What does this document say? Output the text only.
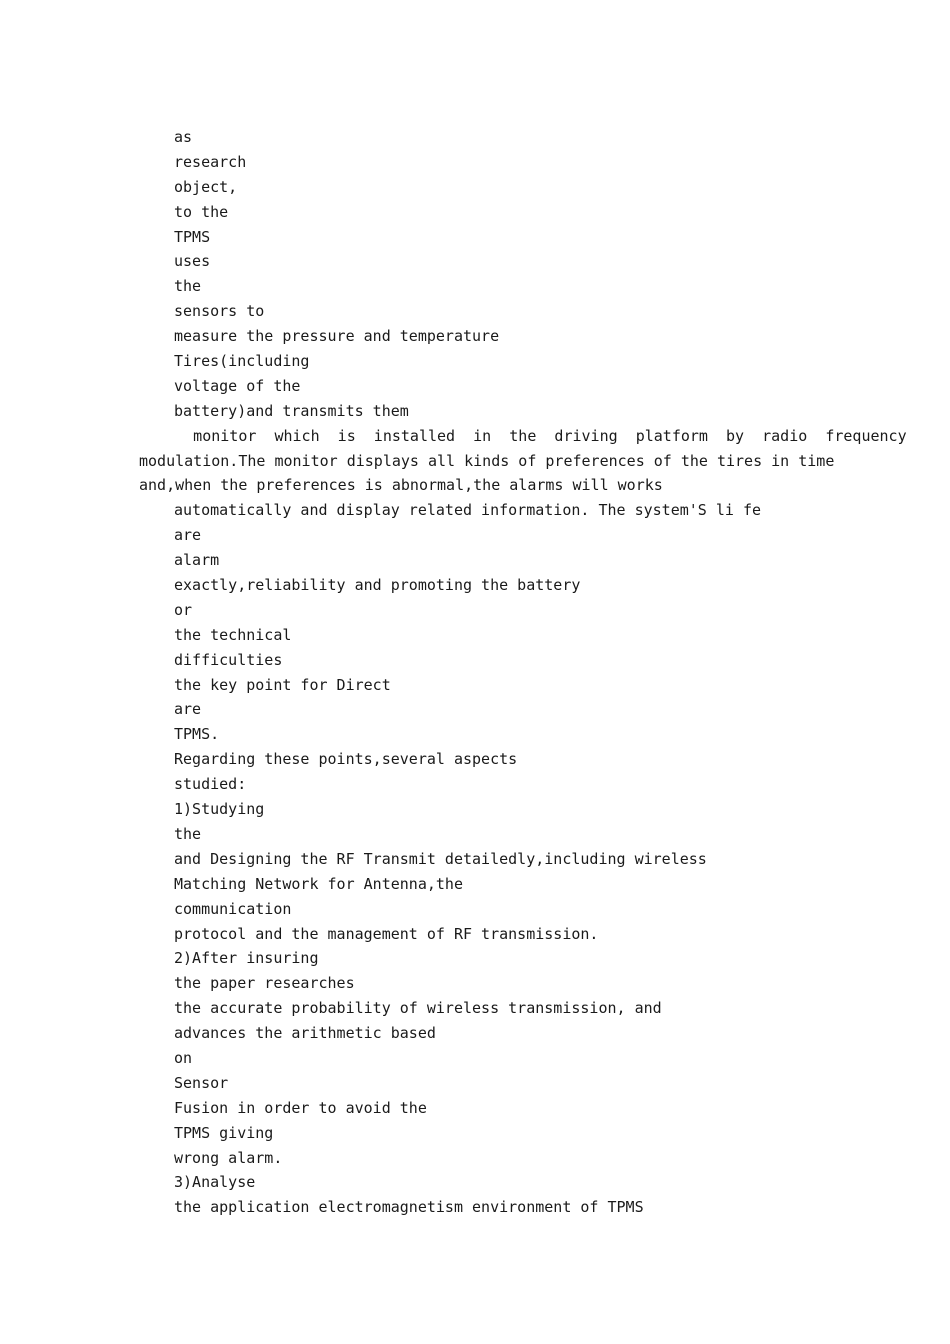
as
research
object,
to the
TPMS
uses
the
sensors to
measure the pressure and temperature
Tires(including
voltage of the
battery)and transmits them
monitor  which  is  installed  in  the  driving  platform  by  radio  frequency
modulation.The monitor displays all kinds of preferences of the tires in time
and,when the preferences is abnormal,the alarms will works
automatically and display related information. The system'S li fe
are
alarm
exactly,reliability and promoting the battery
or
the technical
difficulties
the key point for Direct
are
TPMS.
Regarding these points,several aspects
studied:
1)Studying
the
and Designing the RF Transmit detailedly,including wireless
Matching Network for Antenna,the
communication
protocol and the management of RF transmission.
2)After insuring
the paper researches
the accurate probability of wireless transmission, and
advances the arithmetic based
on
Sensor
Fusion in order to avoid the
TPMS giving
wrong alarm.
3)Analyse
the application electromagnetism environment of TPMS
